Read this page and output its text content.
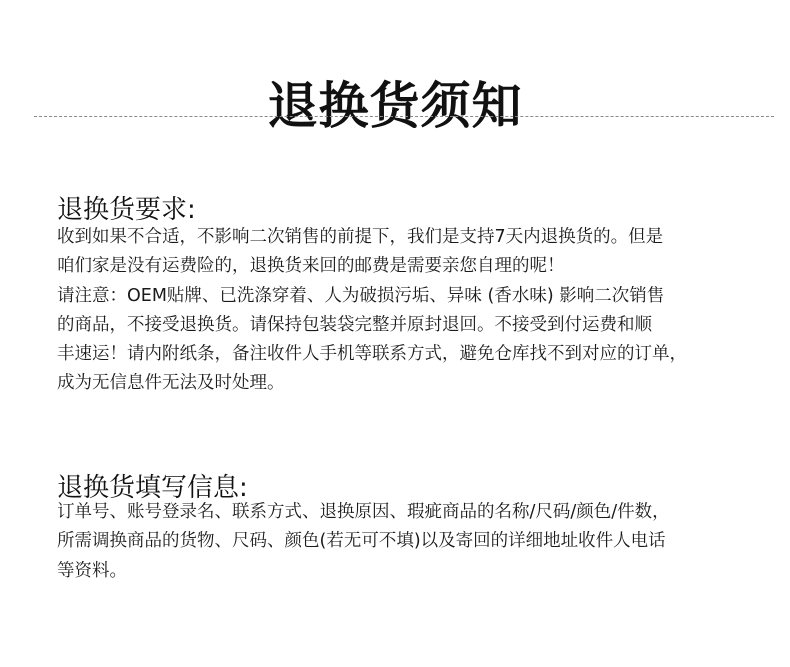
退换货须知
退换货要求:

收到如果不合适，不影响二次销售的前提下，我们是支持7天内退换货的。但是
咱们家是没有运费险的，退换货来回的邮费是需要亲您自理的呢！
请注意：OEM贴牌、已洗涤穿着、人为破损污垢、异味 (香水味) 影响二次销售
的商品，不接受退换货。请保持包装袋完整并原封退回。不接受到付运费和顺
丰速运！请内附纸条，备注收件人手机等联系方式，避免仓库找不到对应的订单，
成为无信息件无法及时处理。

退换货填写信息:

订单号、账号登录名、联系方式、退换原因、瑕疵商品的名称/尺码/颜色/件数，
所需调换商品的货物、尺码、颜色(若无可不填)以及寄回的详细地址收件人电话
等资料。
